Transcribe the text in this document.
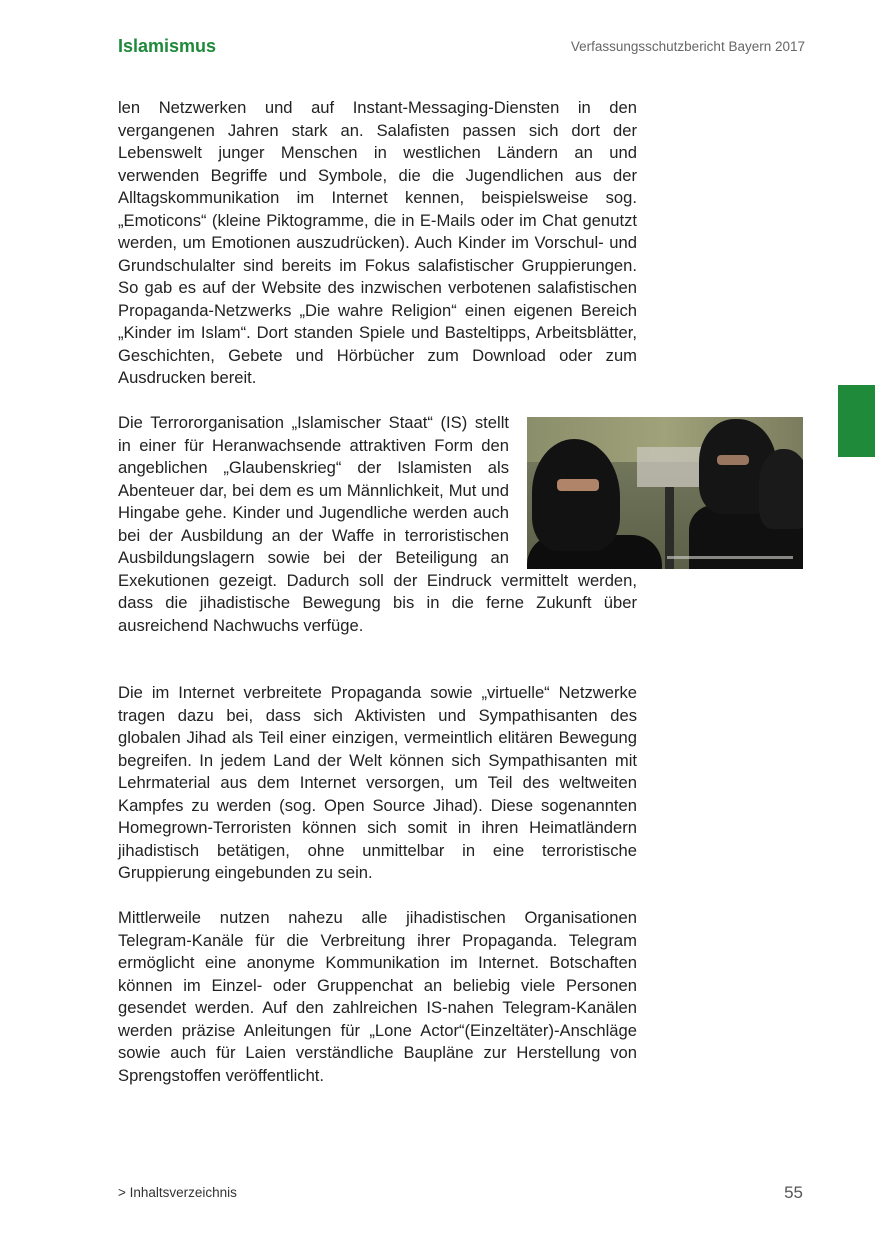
Islamismus	Verfassungsschutzbericht Bayern 2017

len Netzwerken und auf Instant-Messaging-Diensten in den vergangenen Jahren stark an. Salafisten passen sich dort der Lebenswelt junger Menschen in westlichen Ländern an und verwenden Begriffe und Symbole, die die Jugendlichen aus der Alltagskommunikation im Internet kennen, beispielsweise sog. „Emoticons“ (kleine Piktogramme, die in E-Mails oder im Chat genutzt werden, um Emotionen auszudrücken). Auch Kinder im Vorschul- und Grundschulalter sind bereits im Fokus salafistischer Gruppierungen. So gab es auf der Website des inzwischen verbotenen salafistischen Propaganda-Netzwerks „Die wahre Religion“ einen eigenen Bereich „Kinder im Islam“. Dort standen Spiele und Basteltipps, Arbeitsblätter, Geschichten, Gebete und Hörbücher zum Download oder zum Ausdrucken bereit.

Die Terrororganisation „Islamischer Staat“ (IS) stellt in einer für Heranwachsende attraktiven Form den angeblichen „Glaubenskrieg“ der Islamisten als Abenteuer dar, bei dem es um Männlichkeit, Mut und Hingabe gehe. Kinder und Jugendliche werden auch bei der Ausbildung an der Waffe in terroristischen Ausbildungslagern sowie bei der Beteiligung an Exekutionen gezeigt. Dadurch soll der Eindruck vermittelt werden, dass die jihadistische Bewegung bis in die ferne Zukunft über ausreichend Nachwuchs verfüge.

Die im Internet verbreitete Propaganda sowie „virtuelle“ Netzwerke tragen dazu bei, dass sich Aktivisten und Sympathisanten des globalen Jihad als Teil einer einzigen, vermeintlich elitären Bewegung begreifen. In jedem Land der Welt können sich Sympathisanten mit Lehrmaterial aus dem Internet versorgen, um Teil des weltweiten Kampfes zu werden (sog. Open Source Jihad). Diese sogenannten Homegrown-Terroristen können sich somit in ihren Heimatländern jihadistisch betätigen, ohne unmittelbar in eine terroristische Gruppierung eingebunden zu sein.

Mittlerweile nutzen nahezu alle jihadistischen Organisationen Telegram-Kanäle für die Verbreitung ihrer Propaganda. Telegram ermöglicht eine anonyme Kommunikation im Internet. Botschaften können im Einzel- oder Gruppenchat an beliebig viele Personen gesendet werden. Auf den zahlreichen IS-nahen Telegram-Kanälen werden präzise Anleitungen für „Lone Actor“(Einzeltäter)-Anschläge sowie auch für Laien verständliche Baupläne zur Herstellung von Sprengstoffen veröffentlicht.

> Inhaltsverzeichnis	55
